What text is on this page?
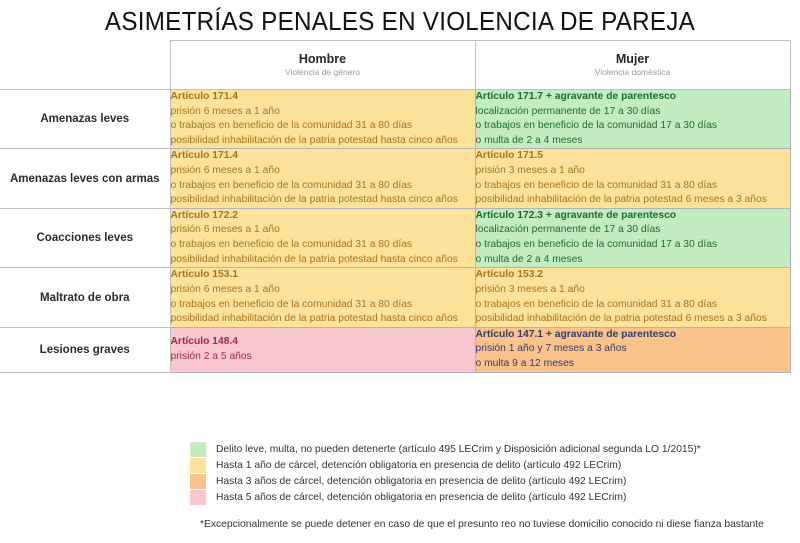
ASIMETRÍAS PENALES EN VIOLENCIA DE PAREJA

	Hombre
Violencia de género	Mujer
Violencia doméstica

Amenazas leves	Artículo 171.4
prisión 6 meses a 1 año
o trabajos en beneficio de la comunidad 31 a 80 días
posibilidad inhabilitación de la patria potestad hasta cinco años	Artículo 171.7 + agravante de parentesco
localización permanente de 17 a 30 días
o trabajos en beneficio de la comunidad 17 a 30 días
o multa de 2 a 4 meses

Amenazas leves con armas	Artículo 171.4
prisión 6 meses a 1 año
o trabajos en beneficio de la comunidad 31 a 80 días
posibilidad inhabilitación de la patria potestad hasta cinco años	Artículo 171.5
prisión 3 meses a 1 año
o trabajos en beneficio de la comunidad 31 a 80 días
posibilidad inhabilitación de la patria potestad 6 meses a 3 años

Coacciones leves	Artículo 172.2
prisión 6 meses a 1 año
o trabajos en beneficio de la comunidad 31 a 80 días
posibilidad inhabilitación de la patria potestad hasta cinco años	Artículo 172.3 + agravante de parentesco
localización permanente de 17 a 30 días
o trabajos en beneficio de la comunidad 17 a 30 días
o multa de 2 a 4 meses

Maltrato de obra	Artículo 153.1
prisión 6 meses a 1 año
o trabajos en beneficio de la comunidad 31 a 80 días
posibilidad inhabilitación de la patria potestad hasta cinco años	Artículo 153.2
prisión 3 meses a 1 año
o trabajos en beneficio de la comunidad 31 a 80 días
posibilidad inhabilitación de la patria potestad 6 meses a 3 años

Lesiones graves	Artículo 148.4
prisión 2 a 5 años	Artículo 147.1 + agravante de parentesco
prisión 1 año y 7 meses a 3 años
o multa 9 a 12 meses
Delito leve, multa, no pueden detenerte (artículo 495 LECrim y Disposición adicional segunda LO 1/2015)*
Hasta 1 año de cárcel, detención obligatoria en presencia de delito (artículo 492 LECrim)
Hasta 3 años de cárcel, detención obligatoria en presencia de delito (artículo 492 LECrim)
Hasta 5 años de cárcel, detención obligatoria en presencia de delito (artículo 492 LECrim)
*Excepcionalmente se puede detener en caso de que el presunto reo no tuviese domicilio conocido ni diese fianza bastante
